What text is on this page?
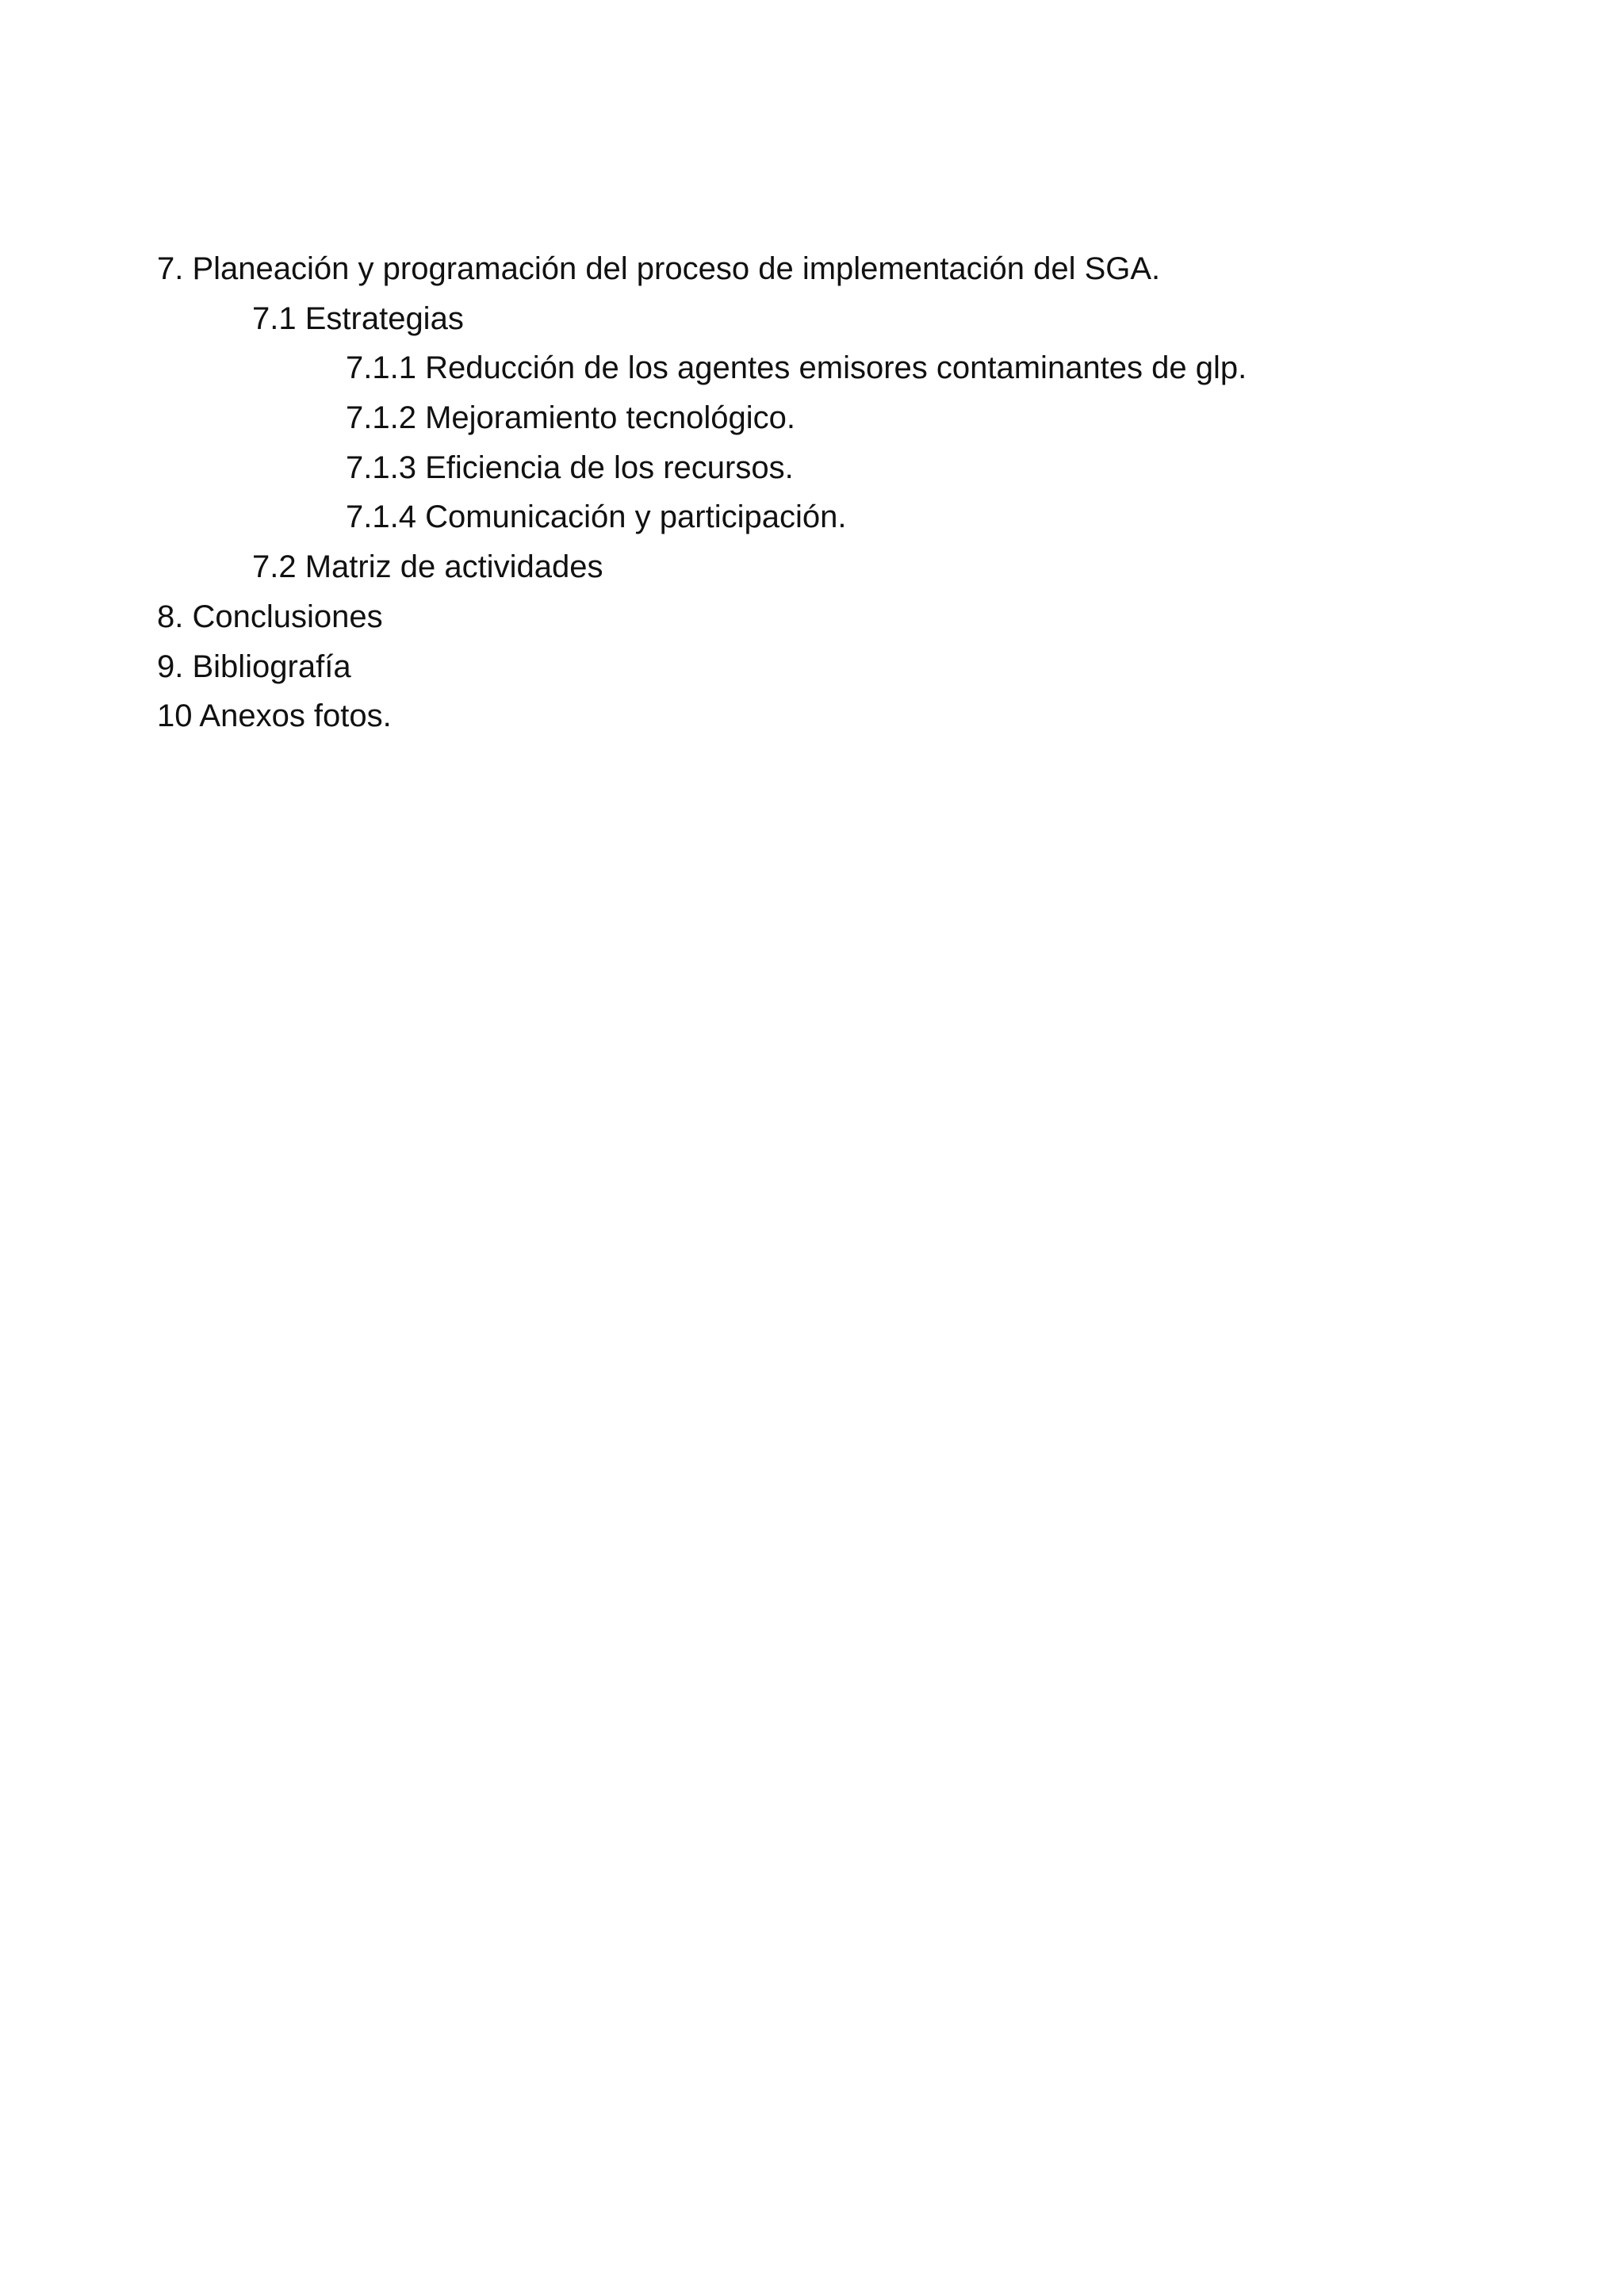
7. Planeación y programación del proceso de implementación del SGA.
7.1 Estrategias
7.1.1 Reducción de los agentes emisores contaminantes de glp.
7.1.2 Mejoramiento tecnológico.
7.1.3 Eficiencia de los recursos.
7.1.4 Comunicación y participación.
7.2 Matriz de actividades
8. Conclusiones
9. Bibliografía
10 Anexos fotos.
